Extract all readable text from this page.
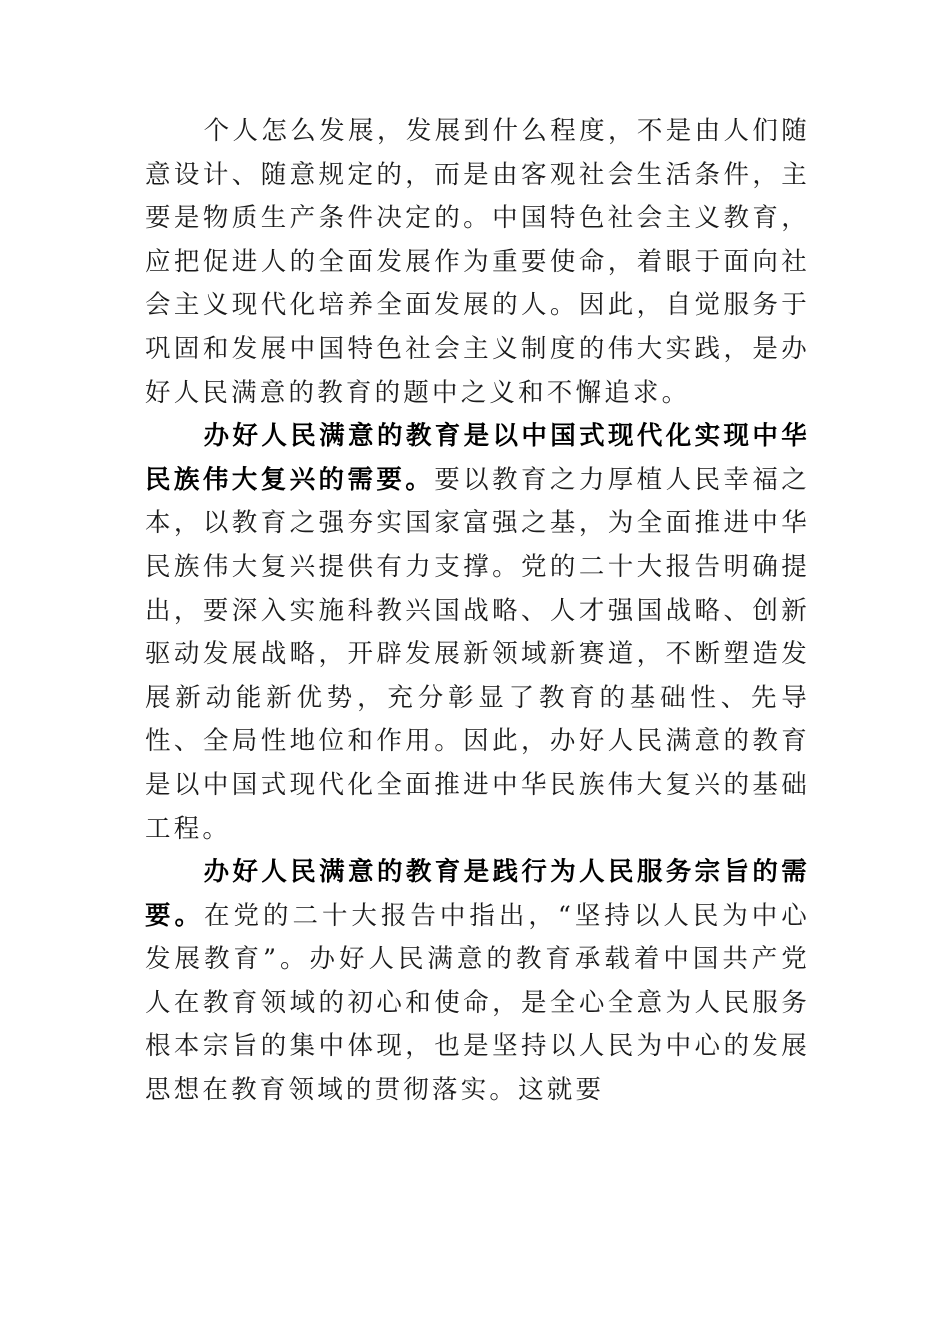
个人怎么发展，发展到什么程度，不是由人们随意设计、随意规定的，而是由客观社会生活条件，主要是物质生产条件决定的。中国特色社会主义教育，应把促进人的全面发展作为重要使命，着眼于面向社会主义现代化培养全面发展的人。因此，自觉服务于巩固和发展中国特色社会主义制度的伟大实践，是办好人民满意的教育的题中之义和不懈追求。

办好人民满意的教育是以中国式现代化实现中华民族伟大复兴的需要。要以教育之力厚植人民幸福之本，以教育之强夯实国家富强之基，为全面推进中华民族伟大复兴提供有力支撑。党的二十大报告明确提出，要深入实施科教兴国战略、人才强国战略、创新驱动发展战略，开辟发展新领域新赛道，不断塑造发展新动能新优势，充分彰显了教育的基础性、先导性、全局性地位和作用。因此，办好人民满意的教育是以中国式现代化全面推进中华民族伟大复兴的基础工程。

办好人民满意的教育是践行为人民服务宗旨的需要。在党的二十大报告中指出，“坚持以人民为中心发展教育”。办好人民满意的教育承载着中国共产党人在教育领域的初心和使命，是全心全意为人民服务根本宗旨的集中体现，也是坚持以人民为中心的发展思想在教育领域的贯彻落实。这就要
